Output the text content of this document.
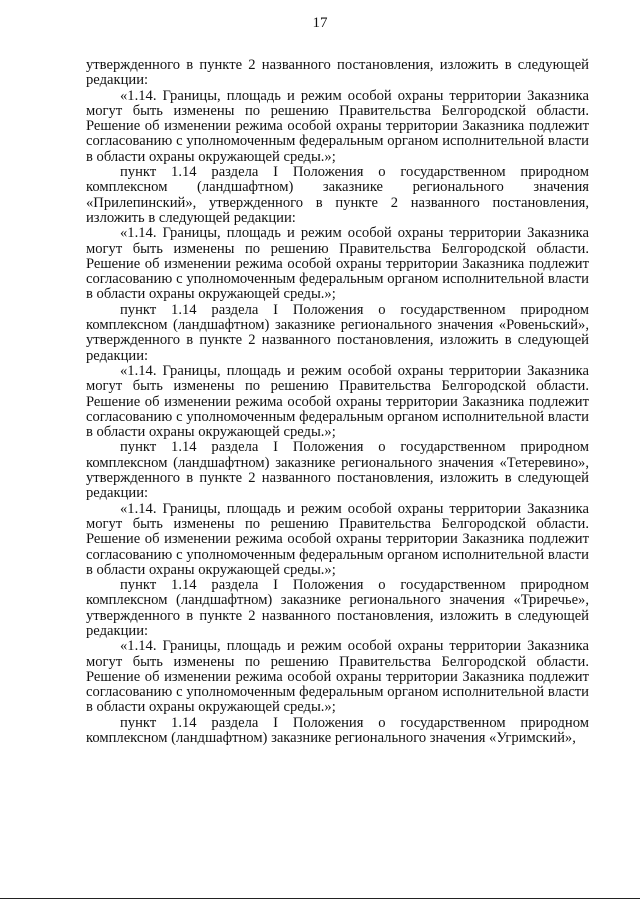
17

утвержденного в пункте 2 названного постановления, изложить в следующей редакции:

«1.14. Границы, площадь и режим особой охраны территории Заказника могут быть изменены по решению Правительства Белгородской области. Решение об изменении режима особой охраны территории Заказника подлежит согласованию с уполномоченным федеральным органом исполнительной власти в области охраны окружающей среды.»;

пункт 1.14 раздела I Положения о государственном природном комплексном (ландшафтном) заказнике регионального значения «Прилепинский», утвержденного в пункте 2 названного постановления, изложить в следующей редакции:

«1.14. Границы, площадь и режим особой охраны территории Заказника могут быть изменены по решению Правительства Белгородской области. Решение об изменении режима особой охраны территории Заказника подлежит согласованию с уполномоченным федеральным органом исполнительной власти в области охраны окружающей среды.»;

пункт 1.14 раздела I Положения о государственном природном комплексном (ландшафтном) заказнике регионального значения «Ровеньский», утвержденного в пункте 2 названного постановления, изложить в следующей редакции:

«1.14. Границы, площадь и режим особой охраны территории Заказника могут быть изменены по решению Правительства Белгородской области. Решение об изменении режима особой охраны территории Заказника подлежит согласованию с уполномоченным федеральным органом исполнительной власти в области охраны окружающей среды.»;

пункт 1.14 раздела I Положения о государственном природном комплексном (ландшафтном) заказнике регионального значения «Тетеревино», утвержденного в пункте 2 названного постановления, изложить в следующей редакции:

«1.14. Границы, площадь и режим особой охраны территории Заказника могут быть изменены по решению Правительства Белгородской области. Решение об изменении режима особой охраны территории Заказника подлежит согласованию с уполномоченным федеральным органом исполнительной власти в области охраны окружающей среды.»;

пункт 1.14 раздела I Положения о государственном природном комплексном (ландшафтном) заказнике регионального значения «Триречье», утвержденного в пункте 2 названного постановления, изложить в следующей редакции:

«1.14. Границы, площадь и режим особой охраны территории Заказника могут быть изменены по решению Правительства Белгородской области. Решение об изменении режима особой охраны территории Заказника подлежит согласованию с уполномоченным федеральным органом исполнительной власти в области охраны окружающей среды.»;

пункт 1.14 раздела I Положения о государственном природном комплексном (ландшафтном) заказнике регионального значения «Угримский»,
